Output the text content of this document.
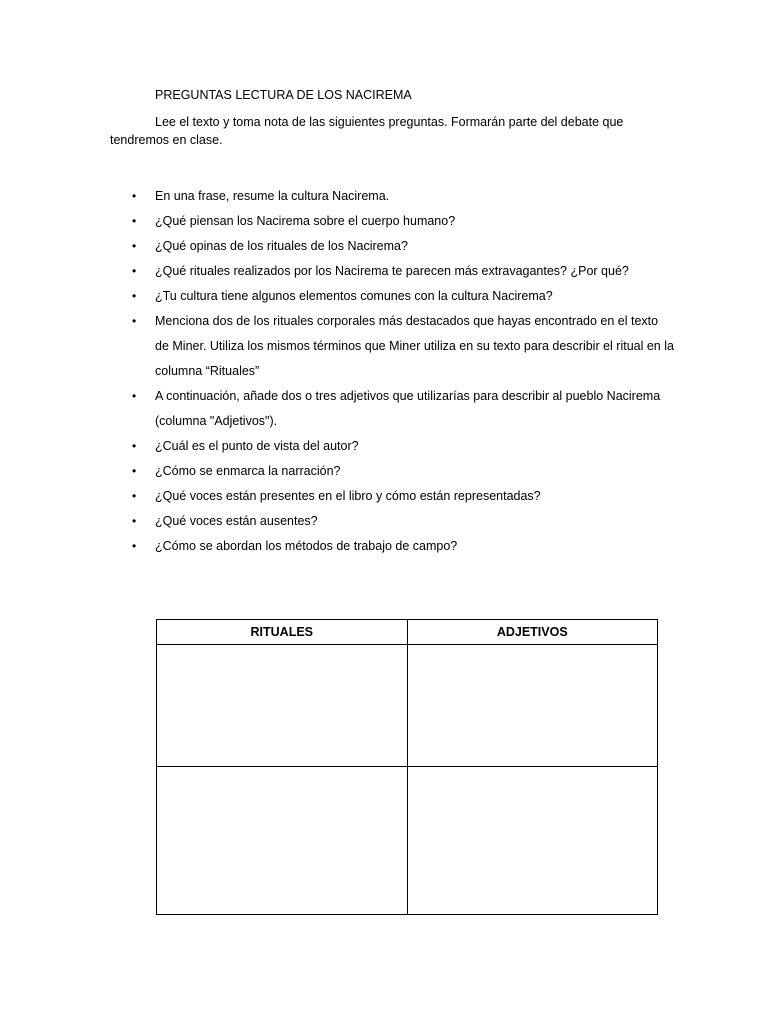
PREGUNTAS LECTURA DE LOS NACIREMA
Lee el texto y toma nota de las siguientes preguntas. Formarán parte del debate que tendremos en clase.
• En una frase, resume la cultura Nacirema.
• ¿Qué piensan los Nacirema sobre el cuerpo humano?
• ¿Qué opinas de los rituales de los Nacirema?
• ¿Qué rituales realizados por los Nacirema te parecen más extravagantes? ¿Por qué?
• ¿Tu cultura tiene algunos elementos comunes con la cultura Nacirema?
• Menciona dos de los rituales corporales más destacados que hayas encontrado en el texto de Miner. Utiliza los mismos términos que Miner utiliza en su texto para describir el ritual en la columna “Rituales”
• A continuación, añade dos o tres adjetivos que utilizarías para describir al pueblo Nacirema (columna "Adjetivos").
• ¿Cuál es el punto de vista del autor?
• ¿Cómo se enmarca la narración?
• ¿Qué voces están presentes en el libro y cómo están representadas?
• ¿Qué voces están ausentes?
• ¿Cómo se abordan los métodos de trabajo de campo?
RITUALES	ADJETIVOS
